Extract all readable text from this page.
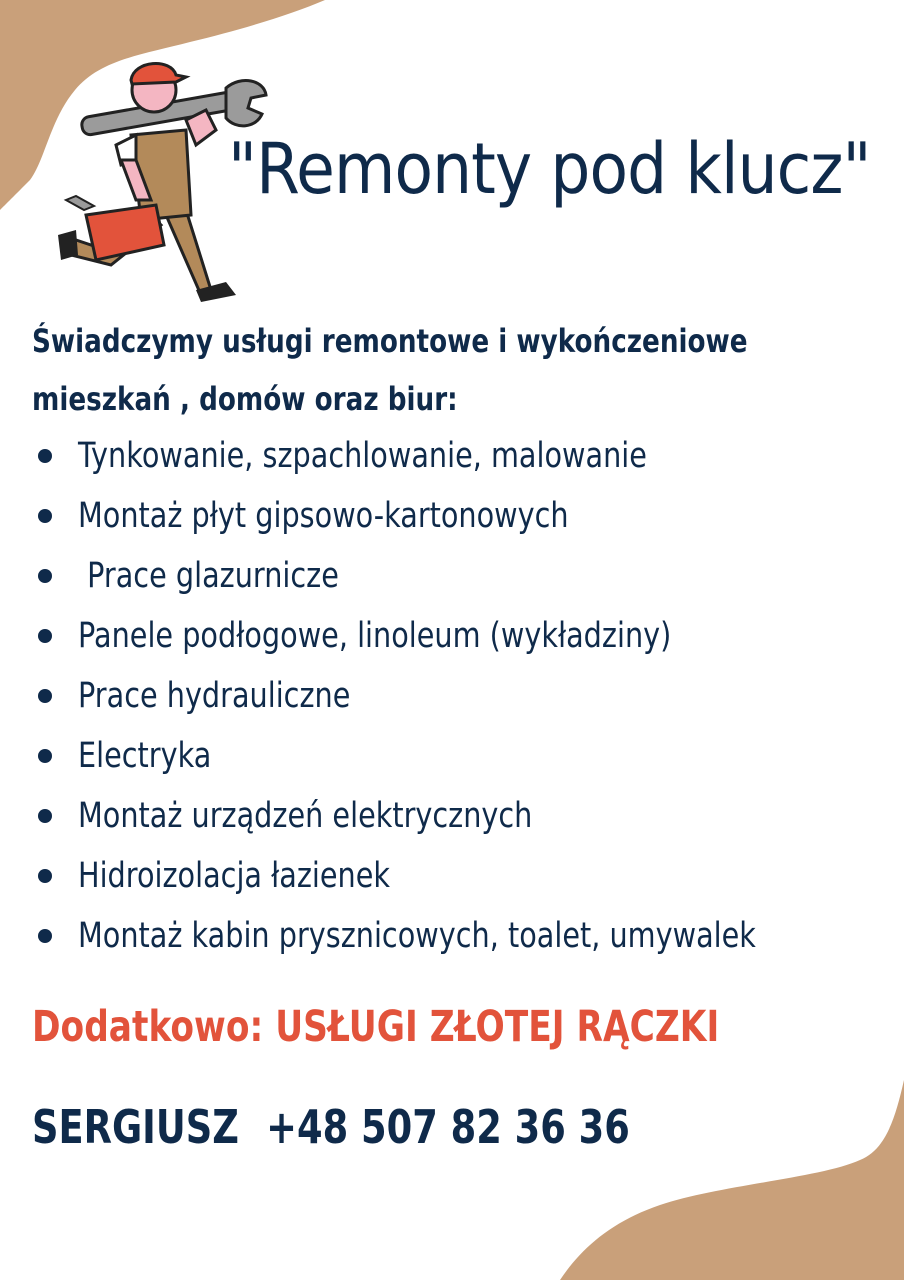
"Remonty pod klucz"
Świadczymy usługi remontowe i wykończeniowe
mieszkań , domów oraz biur:
Tynkowanie, szpachlowanie, malowanie
Montaż płyt gipsowo-kartonowych
Prace glazurnicze
Panele podłogowe, linoleum (wykładziny)
Prace hydrauliczne
Electryka
Montaż urządzeń elektrycznych
Hidroizolacja łazienek
Montaż kabin prysznicowych, toalet, umywalek
Dodatkowo: USŁUGI ZŁOTEJ RĄCZKI
SERGIUSZ +48 507 82 36 36
